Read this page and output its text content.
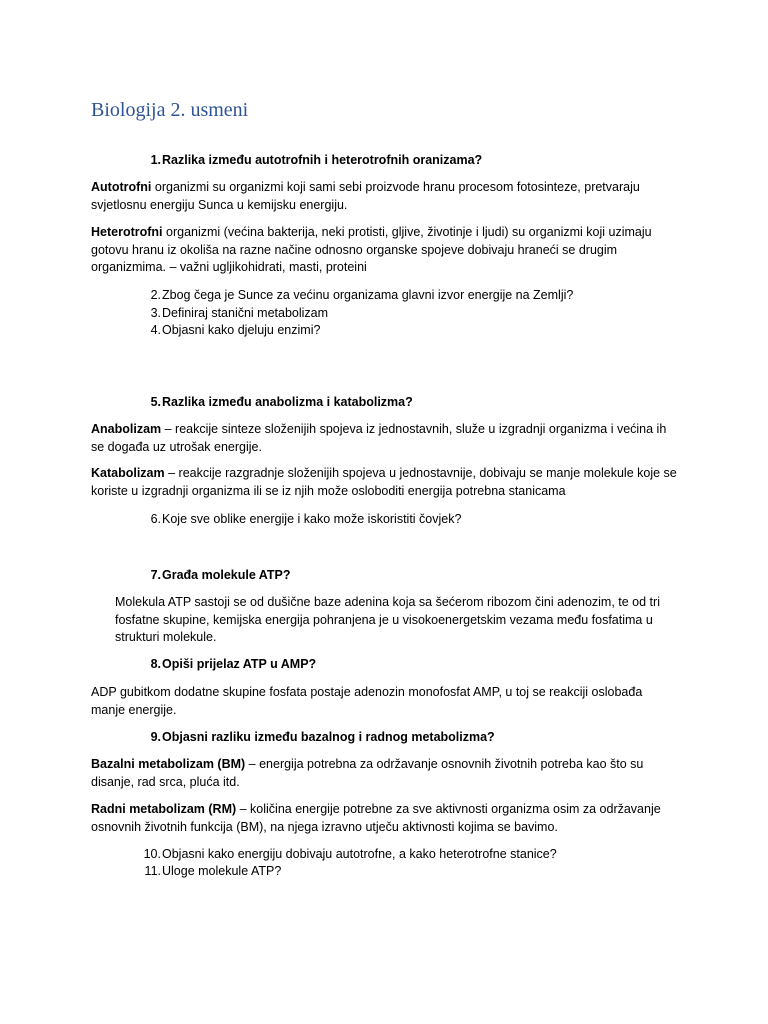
Biologija 2. usmeni
1. Razlika između autotrofnih i heterotrofnih oranizama?
Autotrofni organizmi su organizmi koji sami sebi proizvode hranu procesom fotosinteze, pretvaraju svjetlosnu energiju Sunca u kemijsku energiju.
Heterotrofni organizmi (većina bakterija, neki protisti, gljive, životinje i ljudi) su organizmi koji uzimaju gotovu hranu iz okoliša na razne načine odnosno organske spojeve dobivaju hraneći se drugim organizmima. – važni ugljikohidrati, masti, proteini
2. Zbog čega je Sunce za većinu organizama glavni izvor energije na Zemlji?
3. Definiraj stanični metabolizam
4. Objasni kako djeluju enzimi?
5. Razlika između anabolizma i katabolizma?
Anabolizam – reakcije sinteze složenijih spojeva iz jednostavnih, služe u izgradnji organizma i većina ih se događa uz utrošak energije.
Katabolizam – reakcije razgradnje složenijih spojeva u jednostavnije, dobivaju se manje molekule koje se koriste u izgradnji organizma ili se iz njih može osloboditi energija potrebna stanicama
6. Koje sve oblike energije i kako može iskoristiti čovjek?
7. Građa molekule ATP?
Molekula ATP sastoji se od dušične baze adenina koja sa šećerom ribozom čini adenozim, te od tri fosfatne skupine, kemijska energija pohranjena je u visokoenergetskim vezama među fosfatima u strukturi molekule.
8. Opiši prijelaz ATP u AMP?
ADP gubitkom dodatne skupine fosfata postaje adenozin monofosfat AMP, u toj se reakciji oslobađa manje energije.
9. Objasni razliku između bazalnog i radnog metabolizma?
Bazalni metabolizam (BM) – energija potrebna za održavanje osnovnih životnih potreba kao što su disanje, rad srca, pluća itd.
Radni metabolizam (RM) – količina energije potrebne za sve aktivnosti organizma osim za održavanje osnovnih životnih funkcija (BM), na njega izravno utječu aktivnosti kojima se bavimo.
10. Objasni kako energiju dobivaju autotrofne, a kako heterotrofne stanice?
11. Uloge molekule ATP?
